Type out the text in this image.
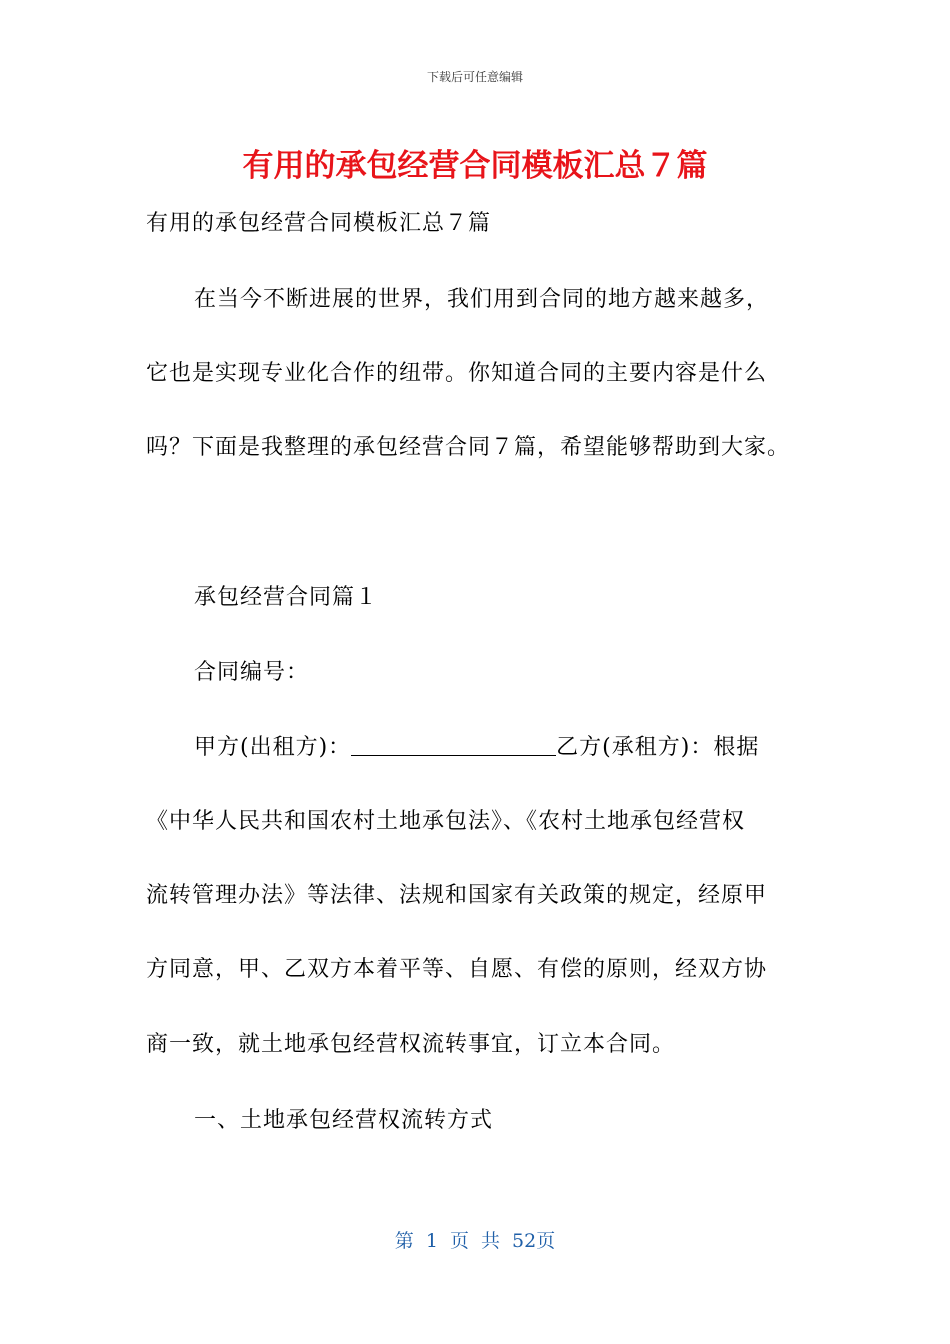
下载后可任意编辑
有用的承包经营合同模板汇总７篇
有用的承包经营合同模板汇总７篇
在当今不断进展的世界，我们用到合同的地方越来越多，
它也是实现专业化合作的纽带。你知道合同的主要内容是什么
吗？下面是我整理的承包经营合同７篇，希望能够帮助到大家。
承包经营合同篇１
合同编号：
甲方(出租方)：	乙方(承租方)：根据
《中华人民共和国农村土地承包法》、《农村土地承包经营权
流转管理办法》等法律、法规和国家有关政策的规定，经原甲
方同意，甲、乙双方本着平等、自愿、有偿的原则，经双方协
商一致，就土地承包经营权流转事宜，订立本合同。
一、土地承包经营权流转方式
第 1 页 共 52页
